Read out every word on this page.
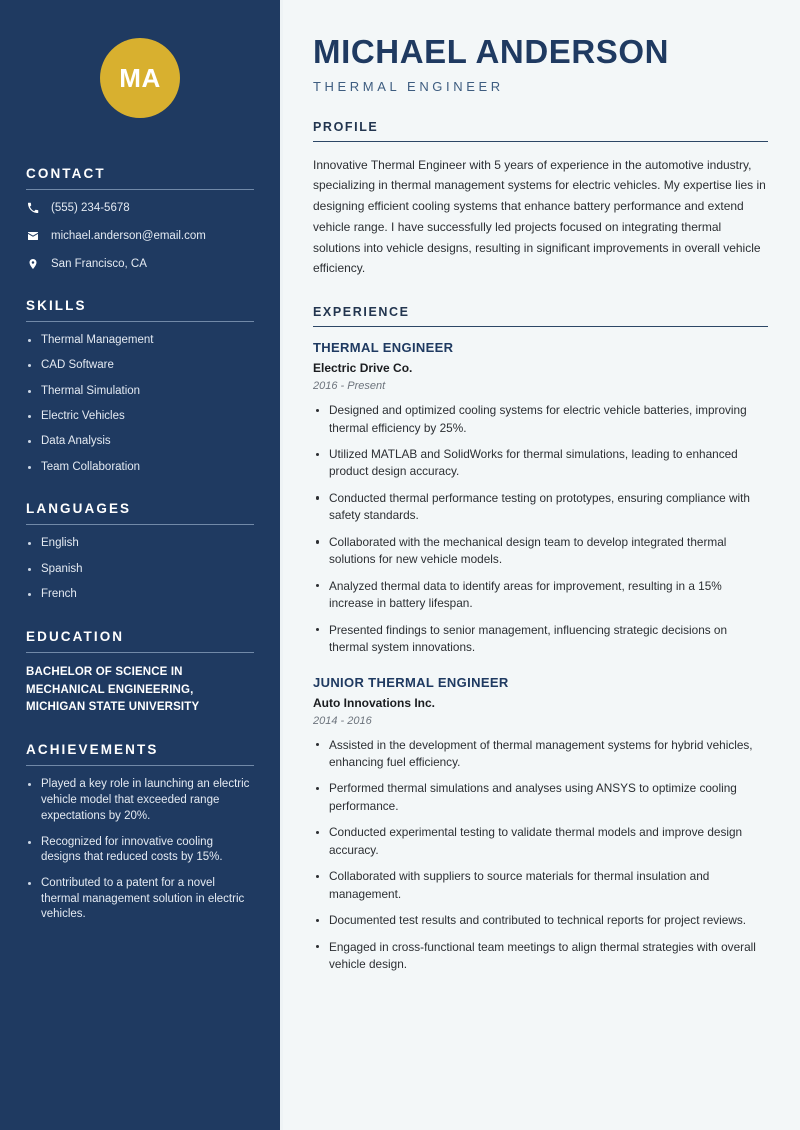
MA
CONTACT
(555) 234-5678
michael.anderson@email.com
San Francisco, CA
SKILLS
Thermal Management
CAD Software
Thermal Simulation
Electric Vehicles
Data Analysis
Team Collaboration
LANGUAGES
English
Spanish
French
EDUCATION
BACHELOR OF SCIENCE IN MECHANICAL ENGINEERING, MICHIGAN STATE UNIVERSITY
ACHIEVEMENTS
Played a key role in launching an electric vehicle model that exceeded range expectations by 20%.
Recognized for innovative cooling designs that reduced costs by 15%.
Contributed to a patent for a novel thermal management solution in electric vehicles.
MICHAEL ANDERSON
THERMAL ENGINEER
PROFILE

Innovative Thermal Engineer with 5 years of experience in the automotive industry, specializing in thermal management systems for electric vehicles. My expertise lies in designing efficient cooling systems that enhance battery performance and extend vehicle range. I have successfully led projects focused on integrating thermal solutions into vehicle designs, resulting in significant improvements in overall vehicle efficiency.

EXPERIENCE
THERMAL ENGINEER
Electric Drive Co.
2016 - Present
Designed and optimized cooling systems for electric vehicle batteries, improving thermal efficiency by 25%.
Utilized MATLAB and SolidWorks for thermal simulations, leading to enhanced product design accuracy.
Conducted thermal performance testing on prototypes, ensuring compliance with safety standards.
Collaborated with the mechanical design team to develop integrated thermal solutions for new vehicle models.
Analyzed thermal data to identify areas for improvement, resulting in a 15% increase in battery lifespan.
Presented findings to senior management, influencing strategic decisions on thermal system innovations.
JUNIOR THERMAL ENGINEER
Auto Innovations Inc.
2014 - 2016
Assisted in the development of thermal management systems for hybrid vehicles, enhancing fuel efficiency.
Performed thermal simulations and analyses using ANSYS to optimize cooling performance.
Conducted experimental testing to validate thermal models and improve design accuracy.
Collaborated with suppliers to source materials for thermal insulation and management.
Documented test results and contributed to technical reports for project reviews.
Engaged in cross-functional team meetings to align thermal strategies with overall vehicle design.
